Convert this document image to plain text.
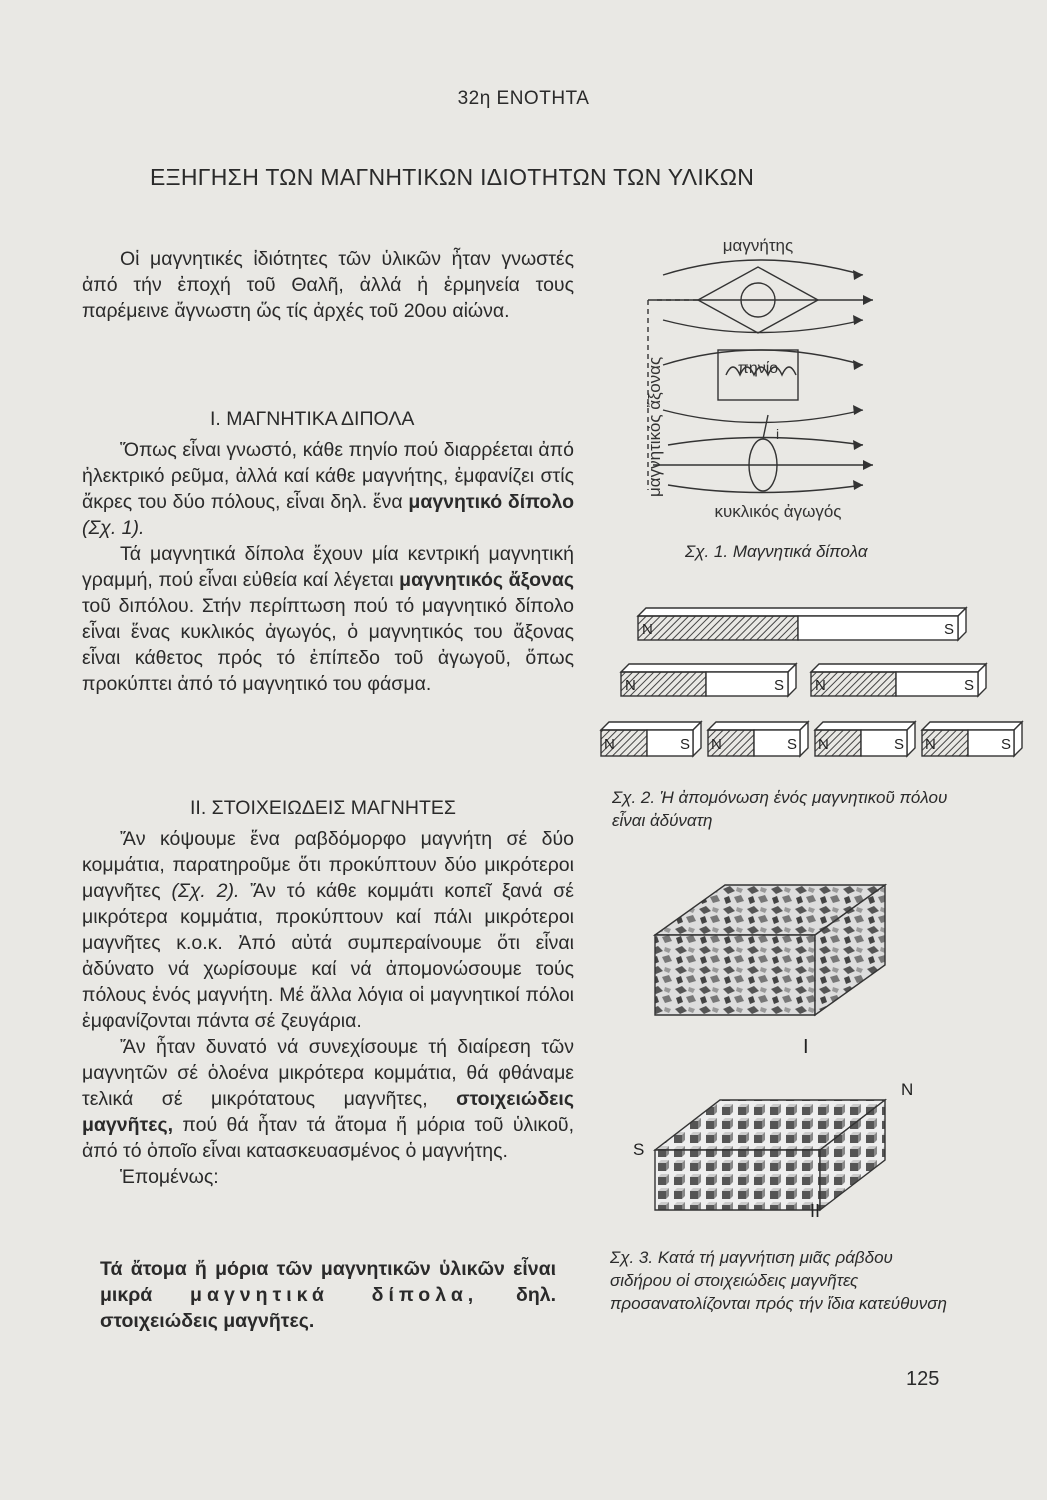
32η ΕΝΟΤΗΤΑ
ΕΞΗΓΗΣΗ ΤΩΝ ΜΑΓΝΗΤΙΚΩΝ ΙΔΙΟΤΗΤΩΝ ΤΩΝ ΥΛΙΚΩΝ

Οἱ μαγνητικές ἰδιότητες τῶν ὑλικῶν ἦταν γνωστές ἀπό τήν ἐποχή τοῦ Θαλῆ, ἀλλά ἡ ἑρμηνεία τους παρέμεινε ἄγνωστη ὥς τίς ἀρχές τοῦ 20ου αἰώνα.

Ι. ΜΑΓΝΗΤΙΚΑ ΔΙΠΟΛΑ

Ὅπως εἶναι γνωστό, κάθε πηνίο πού διαρρέεται ἀπό ἠλεκτρικό ρεῦμα, ἀλλά καί κάθε μαγνήτης, ἐμφανίζει στίς ἄκρες του δύο πόλους, εἶναι δηλ. ἕνα μαγνητικό δίπολο (Σχ. 1).

Τά μαγνητικά δίπολα ἔχουν μία κεντρική μαγνητική γραμμή, πού εἶναι εὐθεία καί λέγεται μαγνητικός ἄξονας τοῦ διπόλου. Στήν περίπτωση πού τό μαγνητικό δίπολο εἶναι ἕνας κυκλικός ἀγωγός, ὁ μαγνητικός του ἄξονας εἶναι κάθετος πρός τό ἐπίπεδο τοῦ ἀγωγοῦ, ὅπως προκύπτει ἀπό τό μαγνητικό του φάσμα.

ΙΙ. ΣΤΟΙΧΕΙΩΔΕΙΣ ΜΑΓΝΗΤΕΣ

Ἄν κόψουμε ἕνα ραβδόμορφο μαγνήτη σέ δύο κομμάτια, παρατηροῦμε ὅτι προκύπτουν δύο μικρότεροι μαγνῆτες (Σχ. 2). Ἄν τό κάθε κομμάτι κοπεῖ ξανά σέ μικρότερα κομμάτια, προκύπτουν καί πάλι μικρότεροι μαγνῆτες κ.ο.κ. Ἀπό αὐτά συμπεραίνουμε ὅτι εἶναι ἀδύνατο νά χωρίσουμε καί νά ἀπομονώσουμε τούς πόλους ἑνός μαγνήτη. Μέ ἄλλα λόγια οἱ μαγνητικοί πόλοι ἐμφανίζονται πάντα σέ ζευγάρια.

Ἄν ἦταν δυνατό νά συνεχίσουμε τή διαίρεση τῶν μαγνητῶν σέ ὁλοένα μικρότερα κομμάτια, θά φθάναμε τελικά σέ μικρότατους μαγνῆτες, στοιχειώδεις μαγνῆτες, πού θά ἦταν τά ἄτομα ἤ μόρια τοῦ ὑλικοῦ, ἀπό τό ὁποῖο εἶναι κατασκευασμένος ὁ μαγνήτης.

Ἑπομένως:

Τά ἄτομα ἤ μόρια τῶν μαγνητικῶν ὑλικῶν εἶναι μικρά μαγνητικά δίπολα, δηλ. στοιχειώδεις μαγνῆτες.

μαγνήτης
πηνίο
i
μαγνητικός ἄξονας
κυκλικός ἀγωγός
Σχ. 1. Μαγνητικά δίπολα
N	S
N	S N	S
N	S N	S N	S N	S
Σχ. 2. Ἡ ἀπομόνωση ἑνός μαγνητικοῦ πόλου εἶναι ἀδύνατη
I
II
S
N
Σχ. 3. Κατά τή μαγνήτιση μιᾶς ράβδου σιδήρου οἱ στοιχειώδεις μαγνῆτες προσανατολίζονται πρός τήν ἴδια κατεύθυνση
125
